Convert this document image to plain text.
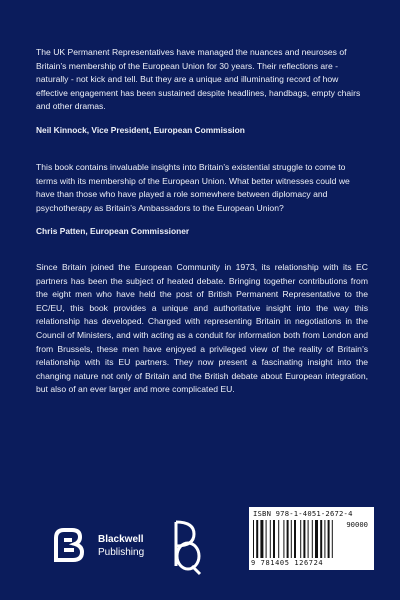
The UK Permanent Representatives have managed the nuances and neuroses of Britain’s membership of the European Union for 30 years. Their reflections are - naturally - not kick and tell. But they are a unique and illuminating record of how effective engagement has been sustained despite headlines, handbags, empty chairs and other dramas.

Neil Kinnock, Vice President, European Commission

This book contains invaluable insights into Britain’s existential struggle to come to terms with its membership of the European Union. What better witnesses could we have than those who have played a role somewhere between diplomacy and psychotherapy as Britain’s Ambassadors to the European Union?

Chris Patten, European Commissioner

Since Britain joined the European Community in 1973, its relationship with its EC partners has been the subject of heated debate. Bringing together contributions from the eight men who have held the post of British Permanent Representative to the EC/EU, this book provides a unique and authoritative insight into the way this relationship has developed. Charged with representing Britain in negotiations in the Council of Ministers, and with acting as a conduit for information both from London and from Brussels, these men have enjoyed a privileged view of the reality of Britain’s relationship with its EU partners. They now present a fascinating insight into the changing nature not only of Britain and the British debate about European integration, but also of an ever larger and more complicated EU.

Blackwell
Publishing
ISBN 978-1-4051-2672-4
90000
9 781405 126724
